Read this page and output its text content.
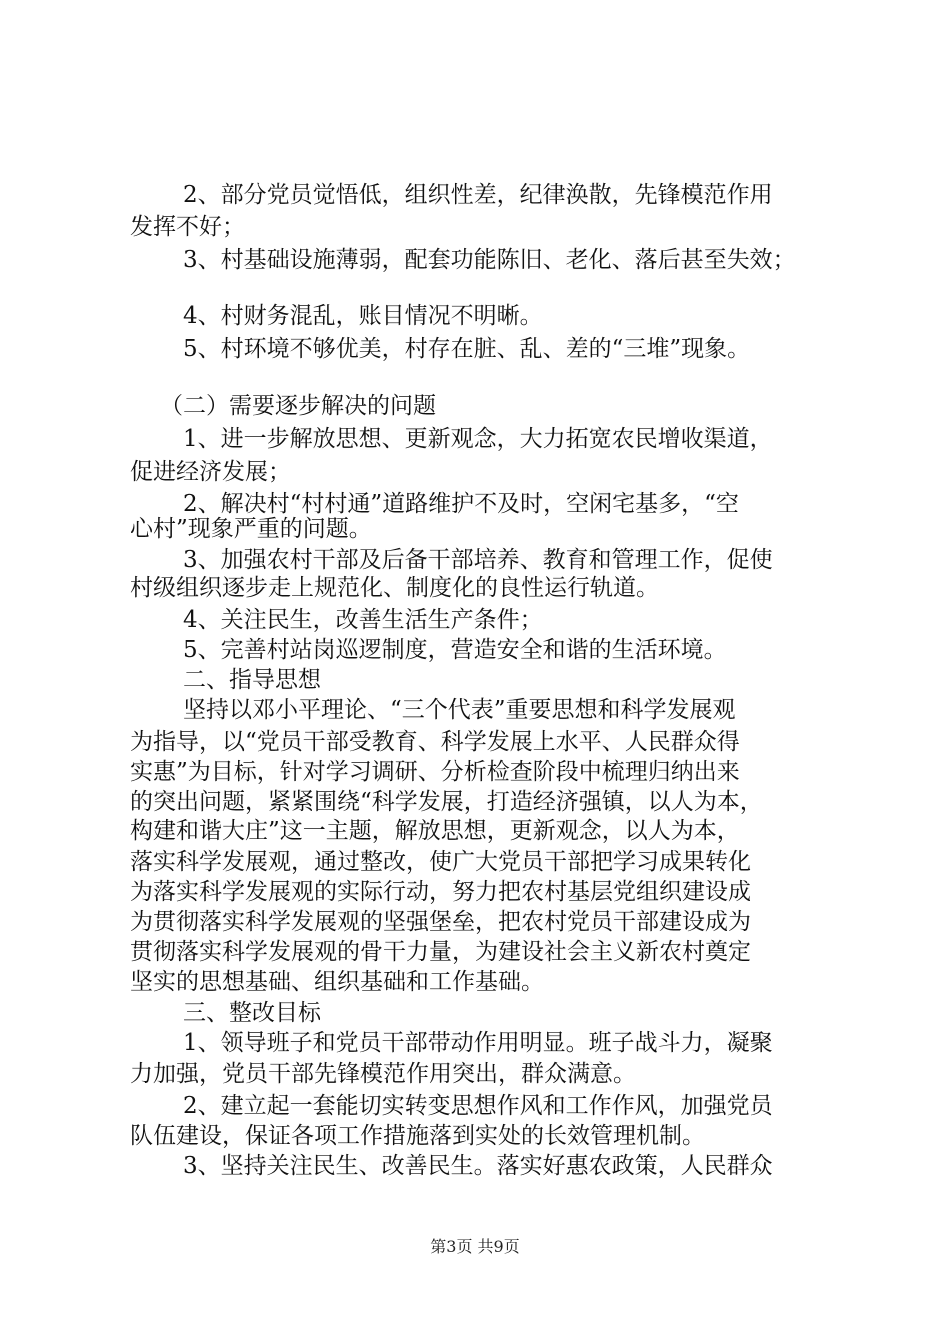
2、部分党员觉悟低，组织性差，纪律涣散，先锋模范作用
发挥不好；
3、村基础设施薄弱，配套功能陈旧、老化、落后甚至失效；
4、村财务混乱，账目情况不明晰。
5、村环境不够优美，村存在脏、乱、差的“三堆”现象。
（二）需要逐步解决的问题
1、进一步解放思想、更新观念，大力拓宽农民增收渠道，
促进经济发展；
2、解决村“村村通”道路维护不及时，空闲宅基多，“空
心村”现象严重的问题。
3、加强农村干部及后备干部培养、教育和管理工作，促使
村级组织逐步走上规范化、制度化的良性运行轨道。
4、关注民生，改善生活生产条件；
5、完善村站岗巡逻制度，营造安全和谐的生活环境。
二、指导思想
坚持以邓小平理论、“三个代表”重要思想和科学发展观
为指导，以“党员干部受教育、科学发展上水平、人民群众得
实惠”为目标，针对学习调研、分析检查阶段中梳理归纳出来
的突出问题，紧紧围绕“科学发展，打造经济强镇，以人为本，
构建和谐大庄”这一主题，解放思想，更新观念，以人为本，
落实科学发展观，通过整改，使广大党员干部把学习成果转化
为落实科学发展观的实际行动，努力把农村基层党组织建设成
为贯彻落实科学发展观的坚强堡垒，把农村党员干部建设成为
贯彻落实科学发展观的骨干力量，为建设社会主义新农村奠定
坚实的思想基础、组织基础和工作基础。
三、整改目标
1、领导班子和党员干部带动作用明显。班子战斗力，凝聚
力加强，党员干部先锋模范作用突出，群众满意。
2、建立起一套能切实转变思想作风和工作作风，加强党员
队伍建设，保证各项工作措施落到实处的长效管理机制。
3、坚持关注民生、改善民生。落实好惠农政策，人民群众
第3页 共9页
